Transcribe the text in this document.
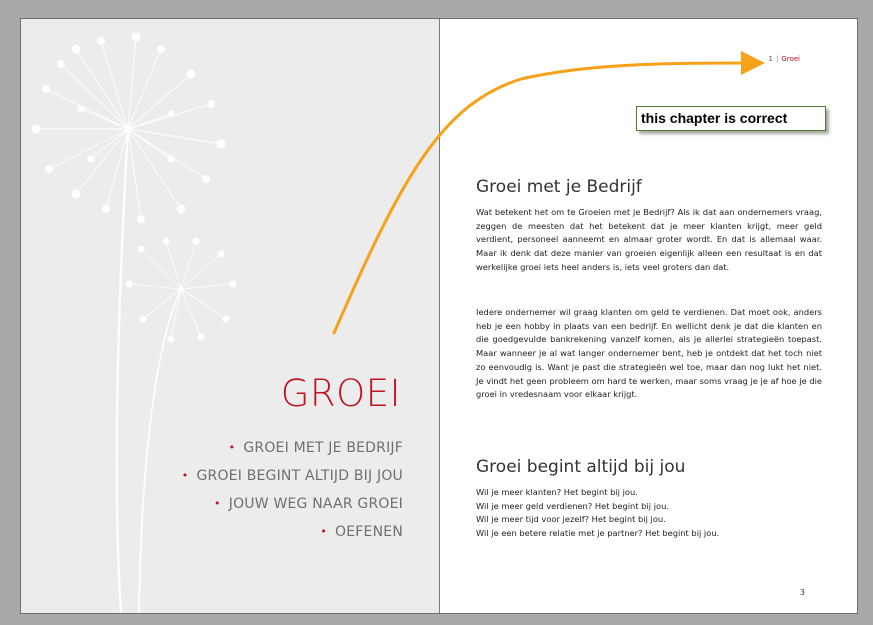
GROEI
• GROEI MET JE BEDRIJF
• GROEI BEGINT ALTIJD BIJ JOU
• JOUW WEG NAAR GROEI
• OEFENEN
1 | Groei
this chapter is correct
Groei met je Bedrijf

Wat betekent het om te Groeien met je Bedrijf? Als ik dat aan ondernemers vraag, zeggen de meesten dat het betekent dat je meer klanten krijgt, meer geld verdient, personeel aanneemt en almaar groter wordt. En dat is allemaal waar. Maar ik denk dat deze manier van groeien eigenlijk alleen een resultaat is en dat werkelijke groei iets heel anders is, iets veel groters dan dat.

Iedere ondernemer wil graag klanten om geld te verdienen. Dat moet ook, anders heb je een hobby in plaats van een bedrijf. En wellicht denk je dat die klanten en die goedgevulde bankrekening vanzelf komen, als je allerlei strategieën toepast. Maar wanneer je al wat langer ondernemer bent, heb je ontdekt dat het toch niet zo eenvoudig is. Want je past die strategieën wel toe, maar dan nog lukt het niet. Je vindt het geen probleem om hard te werken, maar soms vraag je je af hoe je die groei in vredesnaam voor elkaar krijgt.

Groei begint altijd bij jou
Wil je meer klanten? Het begint bij jou.
Wil je meer geld verdienen? Het begint bij jou.
Wil je meer tijd voor jezelf? Het begint bij jou.
Wil je een betere relatie met je partner? Het begint bij jou.
3
